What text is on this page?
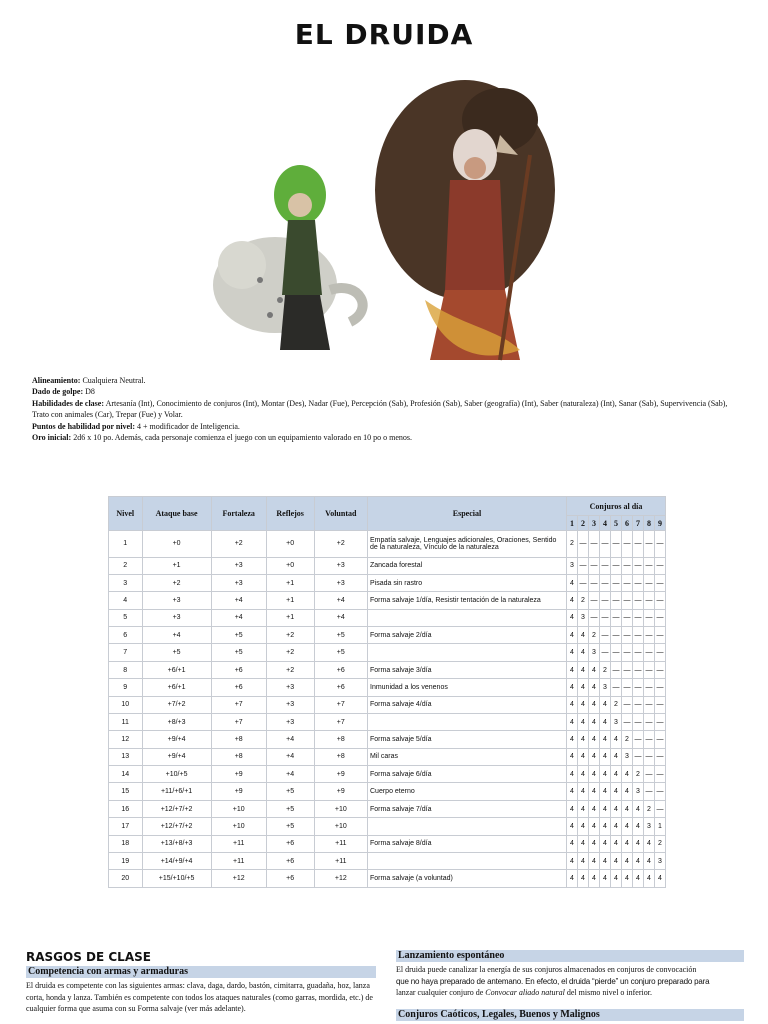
EL DRUIDA
Alineamiento: Cualquiera Neutral.
Dado de golpe: D8
Habilidades de clase: Artesanía (Int), Conocimiento de conjuros (Int), Montar (Des), Nadar (Fue), Percepción (Sab), Profesión (Sab), Saber (geografía) (Int), Saber (naturaleza) (Int), Sanar (Sab), Supervivencia (Sab), Trato con animales (Car), Trepar (Fue) y Volar.
Puntos de habilidad por nivel: 4 + modificador de Inteligencia.
Oro inicial: 2d6 x 10 po. Además, cada personaje comienza el juego con un equipamiento valorado en 10 po o menos.
Nivel	Ataque base	Fortaleza	Reflejos	Voluntad	Especial	Conjuros al día								
						1	2	3	4	5	6	7	8	9
1	+0	+2	+0	+2	Empatía salvaje, Lenguajes adicionales, Oraciones, Sentido de la naturaleza, Vínculo de la naturaleza	2	—	—	—	—	—	—	—	—
2	+1	+3	+0	+3	Zancada forestal	3	—	—	—	—	—	—	—	—
3	+2	+3	+1	+3	Pisada sin rastro	4	—	—	—	—	—	—	—	—
4	+3	+4	+1	+4	Forma salvaje 1/día, Resistir tentación de la naturaleza	4	2	—	—	—	—	—	—	—
5	+3	+4	+1	+4		4	3	—	—	—	—	—	—	—
6	+4	+5	+2	+5	Forma salvaje 2/día	4	4	2	—	—	—	—	—	—
7	+5	+5	+2	+5		4	4	3	—	—	—	—	—	—
8	+6/+1	+6	+2	+6	Forma salvaje 3/día	4	4	4	2	—	—	—	—	—
9	+6/+1	+6	+3	+6	Inmunidad a los venenos	4	4	4	3	—	—	—	—	—
10	+7/+2	+7	+3	+7	Forma salvaje 4/día	4	4	4	4	2	—	—	—	—
11	+8/+3	+7	+3	+7		4	4	4	4	3	—	—	—	—
12	+9/+4	+8	+4	+8	Forma salvaje 5/día	4	4	4	4	4	2	—	—	—
13	+9/+4	+8	+4	+8	Mil caras	4	4	4	4	4	3	—	—	—
14	+10/+5	+9	+4	+9	Forma salvaje 6/día	4	4	4	4	4	4	2	—	—
15	+11/+6/+1	+9	+5	+9	Cuerpo eterno	4	4	4	4	4	4	3	—	—
16	+12/+7/+2	+10	+5	+10	Forma salvaje 7/día	4	4	4	4	4	4	4	2	—
17	+12/+7/+2	+10	+5	+10		4	4	4	4	4	4	4	3	1
18	+13/+8/+3	+11	+6	+11	Forma salvaje 8/día	4	4	4	4	4	4	4	4	2
19	+14/+9/+4	+11	+6	+11		4	4	4	4	4	4	4	4	3
20	+15/+10/+5	+12	+6	+12	Forma salvaje (a voluntad)	4	4	4	4	4	4	4	4	4
RASGOS DE CLASE
Competencia con armas y armaduras
El druida es competente con las siguientes armas: clava, daga, dardo, bastón, cimitarra, guadaña, hoz, lanza corta, honda y lanza. También es competente con todos los ataques naturales (como garras, mordida, etc.) de cualquier forma que asuma con su Forma salvaje (ver más adelante).
Lanzamiento espontáneo
El druida puede canalizar la energía de sus conjuros almacenados en conjuros de convocación
que no haya preparado de antemano. En efecto, el druida “pierde” un conjuro preparado para
lanzar cualquier conjuro de Convocar aliado natural del mismo nivel o inferior.
Conjuros Caóticos, Legales, Buenos y Malignos
